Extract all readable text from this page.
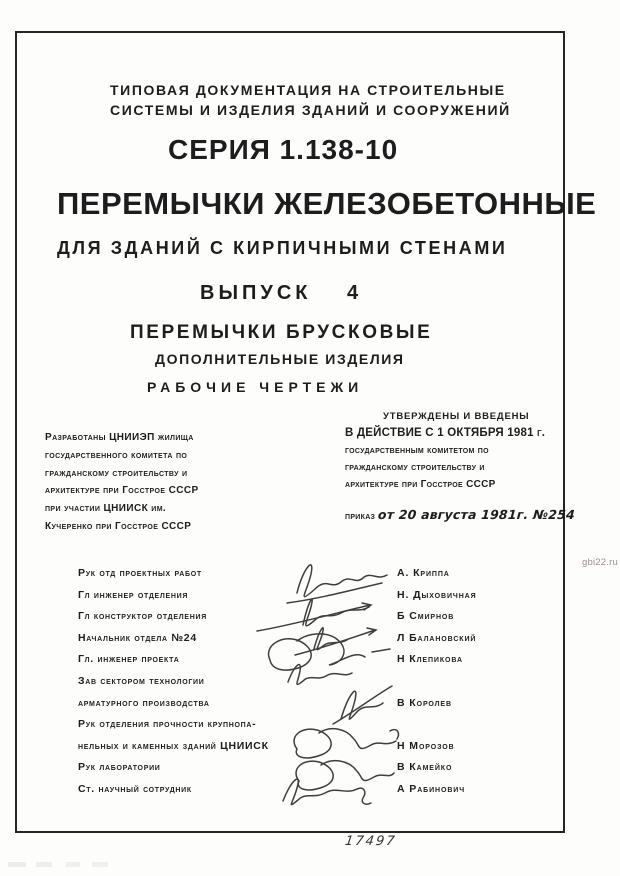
ТИПОВАЯ ДОКУМЕНТАЦИЯ НА СТРОИТЕЛЬНЫЕ
СИСТЕМЫ И ИЗДЕЛИЯ ЗДАНИЙ И СООРУЖЕНИЙ
СЕРИЯ 1.138-10
ПЕРЕМЫЧКИ ЖЕЛЕЗОБЕТОННЫЕ
ДЛЯ ЗДАНИЙ С КИРПИЧНЫМИ СТЕНАМИ
ВЫПУСК 4
ПЕРЕМЫЧКИ БРУСКОВЫЕ
ДОПОЛНИТЕЛЬНЫЕ ИЗДЕЛИЯ
РАБОЧИЕ ЧЕРТЕЖИ
Разработаны ЦНИИЭП жилища
государственного комитета по
гражданскому строительству и
архитектуре при Госстрое СССР
при участии ЦНИИСК им.
Кучеренко при Госстрое СССР
УТВЕРЖДЕНЫ И ВВЕДЕНЫ
В ДЕЙСТВИЕ С 1 ОКТЯБРЯ 1981 г.
государственным комитетом по
гражданскому строительству и
архитектуре при Госстрое СССР
приказ от 20 августа 1981г. №254
Рук отд проектных работ	А. Криппа
Гл инженер отделения	Н. Дыховичная
Гл конструктор отделения	Б Смирнов
Начальник отдела №24	Л Балановский
Гл. инженер проекта	Н Клепикова
Зав сектором технологии
арматурного производства	В Королев
Рук отделения прочности крупнопа-
нельных и каменных зданий ЦНИИСК	Н Морозов
Рук лаборатории	В Камейко
Ст. научный сотрудник	А Рабинович
17497
gbi22.ru
